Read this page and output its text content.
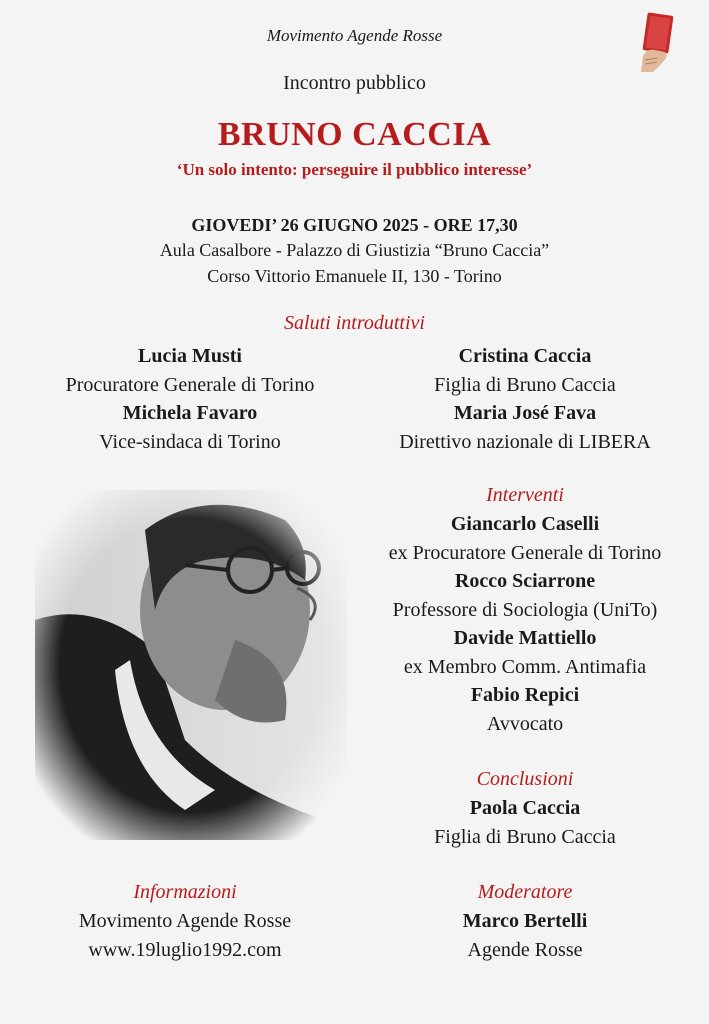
Movimento Agende Rosse
Incontro pubblico
BRUNO CACCIA
‘Un solo intento: perseguire il pubblico interesse’
GIOVEDI’ 26 GIUGNO 2025 - ORE 17,30
Aula Casalbore - Palazzo di Giustizia “Bruno Caccia”
Corso Vittorio Emanuele II, 130 - Torino
Saluti introduttivi
Lucia Musti
Procuratore Generale di Torino
Michela Favaro
Vice-sindaca di Torino
Cristina Caccia
Figlia di Bruno Caccia
Maria José Fava
Direttivo nazionale di LIBERA
Interventi
Giancarlo Caselli
ex Procuratore Generale di Torino
Rocco Sciarrone
Professore di Sociologia (UniTo)
Davide Mattiello
ex Membro Comm. Antimafia
Fabio Repici
Avvocato
Conclusioni
Paola Caccia
Figlia di Bruno Caccia
Informazioni
Movimento Agende Rosse
www.19luglio1992.com
Moderatore
Marco Bertelli
Agende Rosse
